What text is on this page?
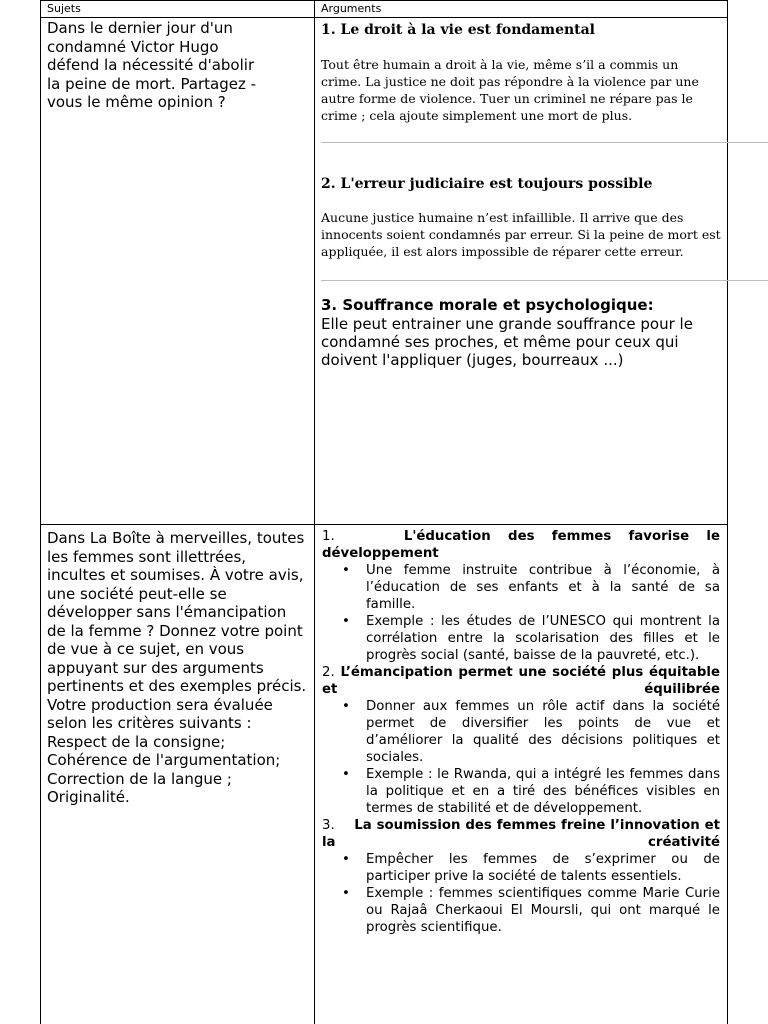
Sujets	Arguments
Dans le dernier jour d'un condamné Victor Hugo défend la nécessité d'abolir la peine de mort. Partagez - vous le même opinion ?
1. Le droit à la vie est fondamental
Tout être humain a droit à la vie, même s’il a commis un crime. La justice ne doit pas répondre à la violence par une autre forme de violence. Tuer un criminel ne répare pas le crime ; cela ajoute simplement une mort de plus.
2. L'erreur judiciaire est toujours possible
Aucune justice humaine n’est infaillible. Il arrive que des innocents soient condamnés par erreur. Si la peine de mort est appliquée, il est alors impossible de réparer cette erreur.
3. Souffrance morale et psychologique:
Elle peut entrainer une grande souffrance pour le condamné ses proches, et même pour ceux qui doivent l'appliquer (juges, bourreaux ...)
Dans La Boîte à merveilles, toutes les femmes sont illettrées, incultes et soumises. À votre avis, une société peut-elle se développer sans l'émancipation de la femme ? Donnez votre point de vue à ce sujet, en vous appuyant sur des arguments pertinents et des exemples précis. Votre production sera évaluée selon les critères suivants : Respect de la consigne; Cohérence de l'argumentation; Correction de la langue ; Originalité.

1.	L'éducation des femmes favorise le développement

• Une femme instruite contribue à l’économie, à l’éducation de ses enfants et à la santé de sa famille.
• Exemple : les études de l’UNESCO qui montrent la corrélation entre la scolarisation des filles et le progrès social (santé, baisse de la pauvreté, etc.).

2. L’émancipation permet une société plus équitable et équilibrée

• Donner aux femmes un rôle actif dans la société permet de diversifier les points de vue et d’améliorer la qualité des décisions politiques et sociales.
• Exemple : le Rwanda, qui a intégré les femmes dans la politique et en a tiré des bénéfices visibles en termes de stabilité et de développement.

3. La soumission des femmes freine l’innovation et la créativité

• Empêcher les femmes de s’exprimer ou de participer prive la société de talents essentiels.
• Exemple : femmes scientifiques comme Marie Curie ou Rajaâ Cherkaoui El Moursli, qui ont marqué le progrès scientifique.
